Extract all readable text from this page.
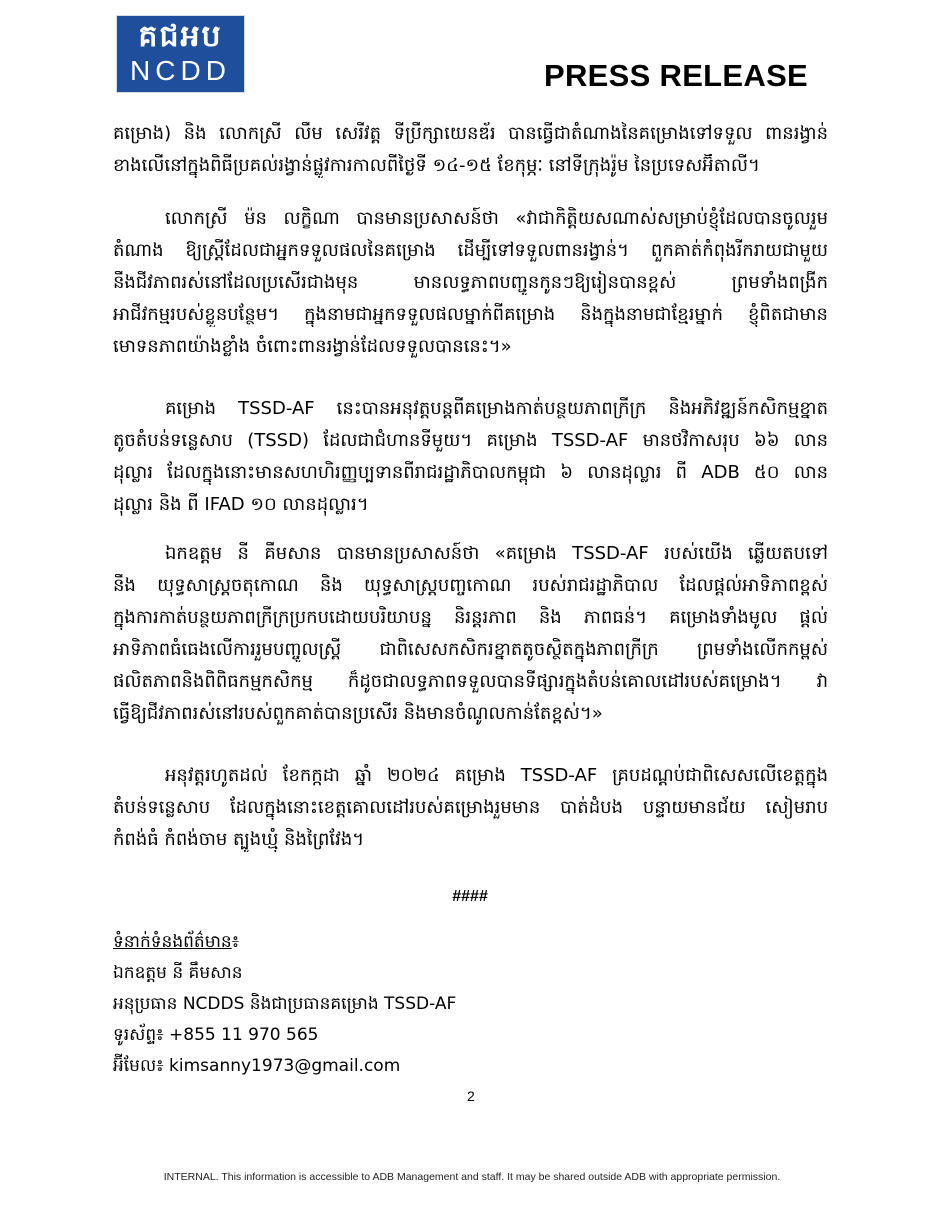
គជអប
NCDD	PRESS RELEASE
គម្រោង) និង លោកស្រី លឹម សេរីវត្ត ទីប្រឹក្សាយេនឌ័រ បានធ្វើជាតំណាងនៃគម្រោងទៅទទួល ពានរង្វាន់
ខាងលើនៅក្នុងពិធីប្រគល់រង្វាន់ផ្លូវការកាលពីថ្ងៃទី ១៤-១៥ ខែកុម្ភៈ នៅទីក្រុងរ៉ូម នៃប្រទេសអ៊ីតាលី។
លោកស្រី ម៉ន លក្ខិណា បានមានប្រសាសន៍ថា «វាជាកិត្តិយសណាស់សម្រាប់ខ្ញុំដែលបានចូលរួម
តំណាង ឱ្យស្ត្រីដែលជាអ្នកទទួលផលនៃគម្រោង ដើម្បីទៅទទួលពានរង្វាន់។ ពួកគាត់កំពុងរីករាយជាមួយ
នឹងជីវភាពរស់នៅដែលប្រសើរជាងមុន មានលទ្ធភាពបញ្ជូនកូនៗឱ្យរៀនបានខ្ពស់ ព្រមទាំងពង្រីក
អាជីវកម្មរបស់ខ្លួនបន្ថែម។ ក្នុងនាមជាអ្នកទទួលផលម្នាក់ពីគម្រោង និងក្នុងនាមជាខ្មែរម្នាក់ ខ្ញុំពិតជាមាន
មោទនភាពយ៉ាងខ្លាំង ចំពោះពានរង្វាន់ដែលទទួលបាននេះ។»
គម្រោង TSSD-AF នេះបានអនុវត្តបន្តពីគម្រោងកាត់បន្ថយភាពក្រីក្រ និងអភិវឌ្ឍន៍កសិកម្មខ្នាត
តូចតំបន់ទន្លេសាប (TSSD) ដែលជាជំហានទីមួយ។ គម្រោង TSSD-AF មានថវិកាសរុប ៦៦ លាន
ដុល្លារ ដែលក្នុងនោះមានសហហិរញ្ញប្បទានពីរាជរដ្ឋាភិបាលកម្ពុជា ៦ លានដុល្លារ ពី ADB ៥០ លាន
ដុល្លារ និង ពី IFAD ១០ លានដុល្លារ។
ឯកឧត្តម នី គឹមសាន បានមានប្រសាសន៍ថា «គម្រោង TSSD-AF របស់យើង ឆ្លើយតបទៅ
នឹង យុទ្ធសាស្ត្រចតុកោណ និង យុទ្ធសាស្ត្របញ្ចកោណ របស់រាជរដ្ឋាភិបាល ដែលផ្ដល់អាទិភាពខ្ពស់
ក្នុងការកាត់បន្ថយភាពក្រីក្រប្រកបដោយបរិយាបន្ន និរន្តរភាព និង ភាពធន់។ គម្រោងទាំងមូល ផ្ដល់
អាទិភាពធំធេងលើការរួមបញ្ចូលស្ត្រី ជាពិសេសកសិករខ្នាតតូចស្ថិតក្នុងភាពក្រីក្រ ព្រមទាំងលើកកម្ពស់
ផលិតភាពនិងពិពិធកម្មកសិកម្ម ក៏ដូចជាលទ្ធភាពទទួលបានទីផ្សារក្នុងតំបន់គោលដៅរបស់គម្រោង។ វា
ធ្វើឱ្យជីវភាពរស់នៅរបស់ពួកគាត់បានប្រសើរ និងមានចំណូលកាន់តែខ្ពស់។»
អនុវត្តរហូតដល់ ខែកក្កដា ឆ្នាំ ២០២៤ គម្រោង TSSD-AF គ្របដណ្ដប់ជាពិសេសលើខេត្តក្នុង
តំបន់ទន្លេសាប ដែលក្នុងនោះខេត្តគោលដៅរបស់គម្រោងរួមមាន បាត់ដំបង បន្ទាយមានជ័យ សៀមរាប
កំពង់ធំ កំពង់ចាម ត្បូងឃ្មុំ និងព្រៃវែង។
####
ទំនាក់ទំនងព័ត៌មាន៖
ឯកឧត្តម នី គឹមសាន
អនុប្រធាន NCDDS និងជាប្រធានគម្រោង TSSD-AF
ទូរស័ព្ទ៖ +855 11 970 565
អ៊ីមែល៖ kimsanny1973@gmail.com
2
INTERNAL. This information is accessible to ADB Management and staff. It may be shared outside ADB with appropriate permission.
